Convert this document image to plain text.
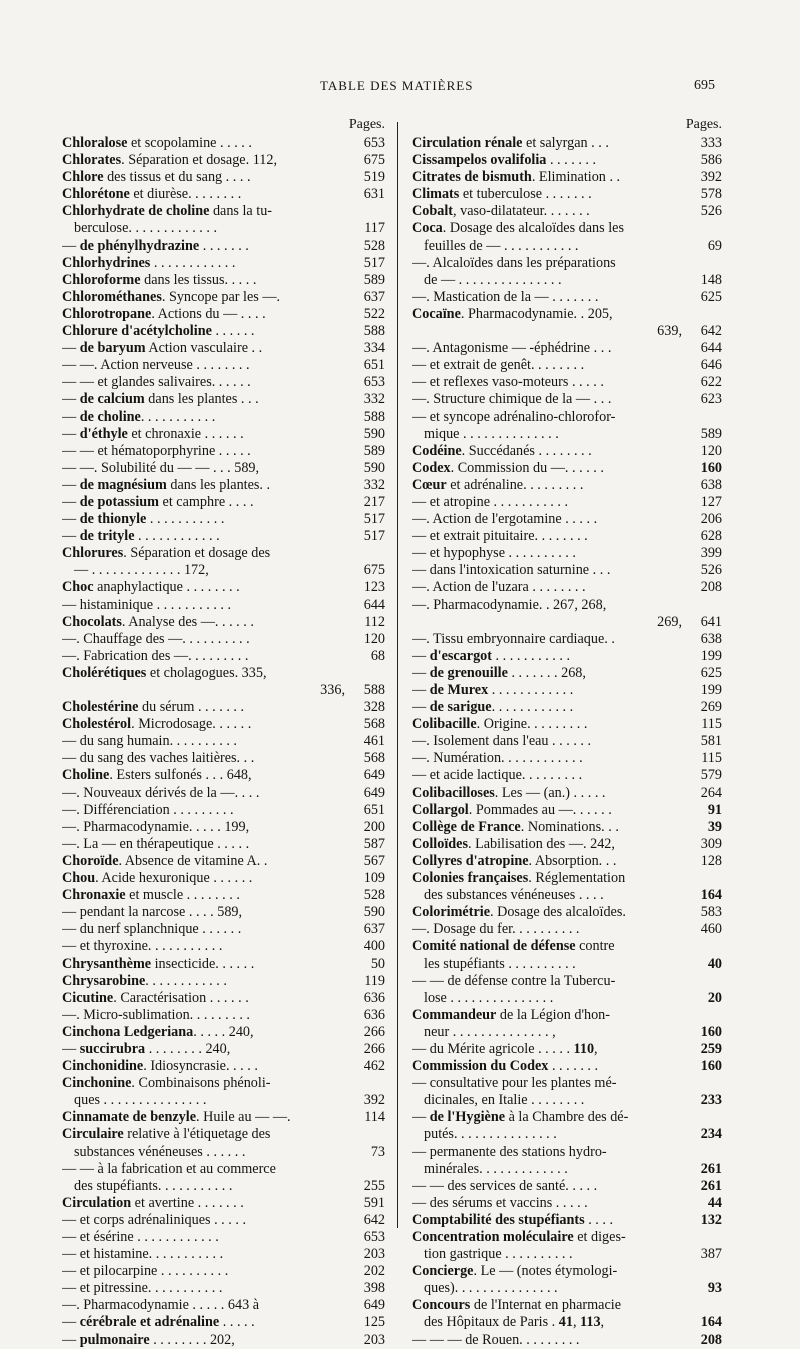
TABLE DES MATIÈRES	695
Pages.
Chloralose et scopolamine . . . . .	653
Chlorates. Séparation et dosage. 112,	675
Chlore des tissus et du sang . . . .	519
Chlorétone et diurèse. . . . . . . .	631
Chlorhydrate de choline dans la tu-
berculose. . . . . . . . . . . . .	117
— de phénylhydrazine . . . . . . .	528
Chlorhydrines . . . . . . . . . . . .	517
Chloroforme dans les tissus. . . . .	589
Chlorométhanes. Syncope par les —.	637
Chlorotropane. Actions du — . . . .	522
Chlorure d'acétylcholine . . . . . .	588
— de baryum Action vasculaire . .	334
— —. Action nerveuse . . . . . . . .	651
— — et glandes salivaires. . . . . .	653
— de calcium dans les plantes . . .	332
— de choline. . . . . . . . . . .	588
— d'éthyle et chronaxie . . . . . .	590
— — et hématoporphyrine . . . . .	589
— —. Solubilité du — — . . . 589,	590
— de magnésium dans les plantes. .	332
— de potassium et camphre . . . .	217
— de thionyle . . . . . . . . . . .	517
— de trityle . . . . . . . . . . . .	517
Chlorures. Séparation et dosage des
— . . . . . . . . . . . . . 172,	675
Choc anaphylactique . . . . . . . .	123
— histaminique . . . . . . . . . . .	644
Chocolats. Analyse des —. . . . . .	112
—. Chauffage des —. . . . . . . . . .	120
—. Fabrication des —. . . . . . . . .	68
Cholérétiques et cholagogues. 335,
336, 588
Cholestérine du sérum . . . . . . .	328
Cholestérol. Microdosage. . . . . .	568
— du sang humain. . . . . . . . . .	461
— du sang des vaches laitières. . .	568
Choline. Esters sulfonés . . . 648,	649
—. Nouveaux dérivés de la —. . . .	649
—. Différenciation . . . . . . . . .	651
—. Pharmacodynamie. . . . . 199,	200
—. La — en thérapeutique . . . . .	587
Choroïde. Absence de vitamine A. .	567
Chou. Acide hexuronique . . . . . .	109
Chronaxie et muscle . . . . . . . .	528
— pendant la narcose . . . . 589,	590
— du nerf splanchnique . . . . . .	637
— et thyroxine. . . . . . . . . . .	400
Chrysanthème insecticide. . . . . .	50
Chrysarobine. . . . . . . . . . . .	119
Cicutine. Caractérisation . . . . . .	636
—. Micro-sublimation. . . . . . . . .	636
Cinchona Ledgeriana. . . . . 240,	266
— succirubra . . . . . . . . 240,	266
Cinchonidine. Idiosyncrasie. . . . .	462
Cinchonine. Combinaisons phénoli-
ques . . . . . . . . . . . . . . .	392
Cinnamate de benzyle. Huile au — —.	114
Circulaire relative à l'étiquetage des
substances vénéneuses . . . . . .	73
— — à la fabrication et au commerce
des stupéfiants. . . . . . . . . . .	255
Circulation et avertine . . . . . . .	591
— et corps adrénaliniques . . . . .	642
— et ésérine . . . . . . . . . . . .	653
— et histamine. . . . . . . . . . .	203
— et pilocarpine . . . . . . . . . .	202
— et pitressine. . . . . . . . . . .	398
—. Pharmacodynamie . . . . . 643 à	649
— cérébrale et adrénaline . . . . .	125
— pulmonaire . . . . . . . . 202,	203
Pages.
Circulation rénale et salyrgan . . .	333
Cissampelos ovalifolia . . . . . . .	586
Citrates de bismuth. Elimination . .	392
Climats et tuberculose . . . . . . .	578
Cobalt, vaso-dilatateur. . . . . . .	526
Coca. Dosage des alcaloïdes dans les
feuilles de — . . . . . . . . . . .	69
—. Alcaloïdes dans les préparations
de — . . . . . . . . . . . . . . .	148
—. Mastication de la — . . . . . . .	625
Cocaïne. Pharmacodynamie. . 205,
639, 642
—. Antagonisme — -éphédrine . . .	644
— et extrait de genêt. . . . . . . .	646
— et reflexes vaso-moteurs . . . . .	622
—. Structure chimique de la — . . .	623
— et syncope adrénalino-chlorofor-
mique . . . . . . . . . . . . . .	589
Codéine. Succédanés . . . . . . . .	120
Codex. Commission du —. . . . . .	160
Cœur et adrénaline. . . . . . . . .	638
— et atropine . . . . . . . . . . .	127
—. Action de l'ergotamine . . . . .	206
— et extrait pituitaire. . . . . . . .	628
— et hypophyse . . . . . . . . . .	399
— dans l'intoxication saturnine . . .	526
—. Action de l'uzara . . . . . . . .	208
—. Pharmacodynamie. . 267, 268,
269, 641
—. Tissu embryonnaire cardiaque. .	638
— d'escargot . . . . . . . . . . .	199
— de grenouille . . . . . . . 268,	625
— de Murex . . . . . . . . . . . .	199
— de sarigue. . . . . . . . . . . .	269
Colibacille. Origine. . . . . . . . .	115
—. Isolement dans l'eau . . . . . .	581
—. Numération. . . . . . . . . . . .	115
— et acide lactique. . . . . . . . .	579
Colibacilloses. Les — (an.) . . . . .	264
Collargol. Pommades au —. . . . . .	91
Collège de France. Nominations. . .	39
Colloïdes. Labilisation des —. 242,	309
Collyres d'atropine. Absorption. . .	128
Colonies françaises. Réglementation
des substances vénéneuses . . . .	164
Colorimétrie. Dosage des alcaloïdes.	583
—. Dosage du fer. . . . . . . . . .	460
Comité national de défense contre
les stupéfiants . . . . . . . . . .	40
— — de défense contre la Tubercu-
lose . . . . . . . . . . . . . . .	20
Commandeur de la Légion d'hon-
neur . . . . . . . . . . . . . . ,	160
— du Mérite agricole . . . . . 110,	259
Commission du Codex . . . . . . .	160
— consultative pour les plantes mé-
dicinales, en Italie . . . . . . . .	233
— de l'Hygiène à la Chambre des dé-
putés. . . . . . . . . . . . . . .	234
— permanente des stations hydro-
minérales. . . . . . . . . . . . .	261
— — des services de santé. . . . .	261
— des sérums et vaccins . . . . .	44
Comptabilité des stupéfiants . . . .	132
Concentration moléculaire et diges-
tion gastrique . . . . . . . . . .	387
Concierge. Le — (notes étymologi-
ques). . . . . . . . . . . . . . .	93
Concours de l'Internat en pharmacie
des Hôpitaux de Paris . 41, 113,	164
— — — de Rouen. . . . . . . . .	208
